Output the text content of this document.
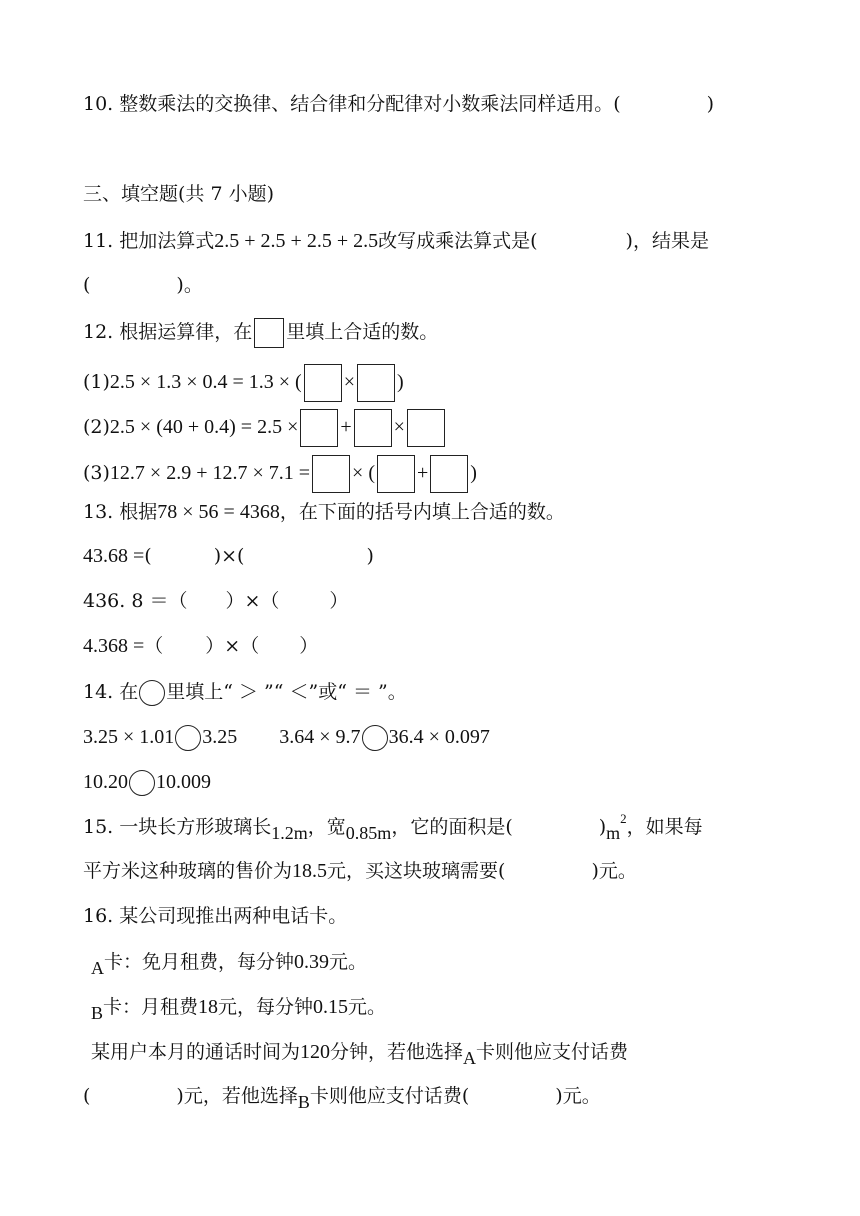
10. 整数乘法的交换律、结合律和分配律对小数乘法同样适用。(	)
三、填空题(共 7 小题)
11. 把加法算式2.5 + 2.5 + 2.5 + 2.5改写成乘法算式是(	)，结果是
(	)。
12. 根据运算律，在 里填上合适的数。
(1)2.5 × 1.3 × 0.4 = 1.3 × ( × )
(2)2.5 × (40 + 0.4) = 2.5 × + ×
(3)12.7 × 2.9 + 12.7 × 7.1 = × ( + )
13. 根据78 × 56 = 4368，在下面的括号内填上合适的数。
43.68 =(	)×(	)
436. 8 ＝（ ）×（	）
4.368 =（ ）×（ ）
14. 在 里填上“ ＞ ”“ ＜”或“ ＝ ”。
3.25 × 1.01 3.25 3.64 × 9.7 36.4 × 0.097
10.20 10.009
15. 一块长方形玻璃长1.2m，宽0.85m，它的面积是(	)$m^2$，如果每
平方米这种玻璃的售价为18.5元，买这块玻璃需要(	)元。
16. 某公司现推出两种电话卡。
A卡：免月租费，每分钟0.39元。
B卡：月租费18元，每分钟0.15元。
某用户本月的通话时间为120分钟，若他选择A卡则他应支付话费
(	)元，若他选择B卡则他应支付话费(	)元。
